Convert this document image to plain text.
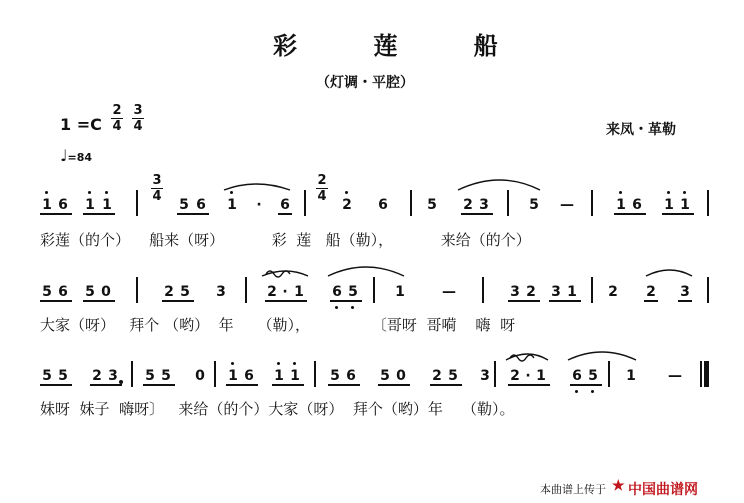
彩 莲 船
（灯调・平腔）
1 =C
2
4
3
4
♩=84
来凤・革勒
3
4
2
4
1 6 1 1	5 6 1	·	6	2 6	5 2 3	5 —	1 6 1 1
彩莲（的个）    船来（呀）          彩  莲   船（勒），          来给（的个）
5 6 5 0	2 5 3	2 · 1 6 5	1	—	3 2 3 1 2 2 3
大家（呀）   拜个 （哟）  年     （勒），             〔哥呀  哥嗬    嗨  呀
5 5 2 3 5 5 0 1 6 1 1 5 6 5 0 2 5 3 2 · 1 6 5 1 —
妹呀  妹子  嗨呀〕   来给（的个）大家（呀）  拜个（哟）年    （勒）。
本曲谱上传于 ★ 中国曲谱网
